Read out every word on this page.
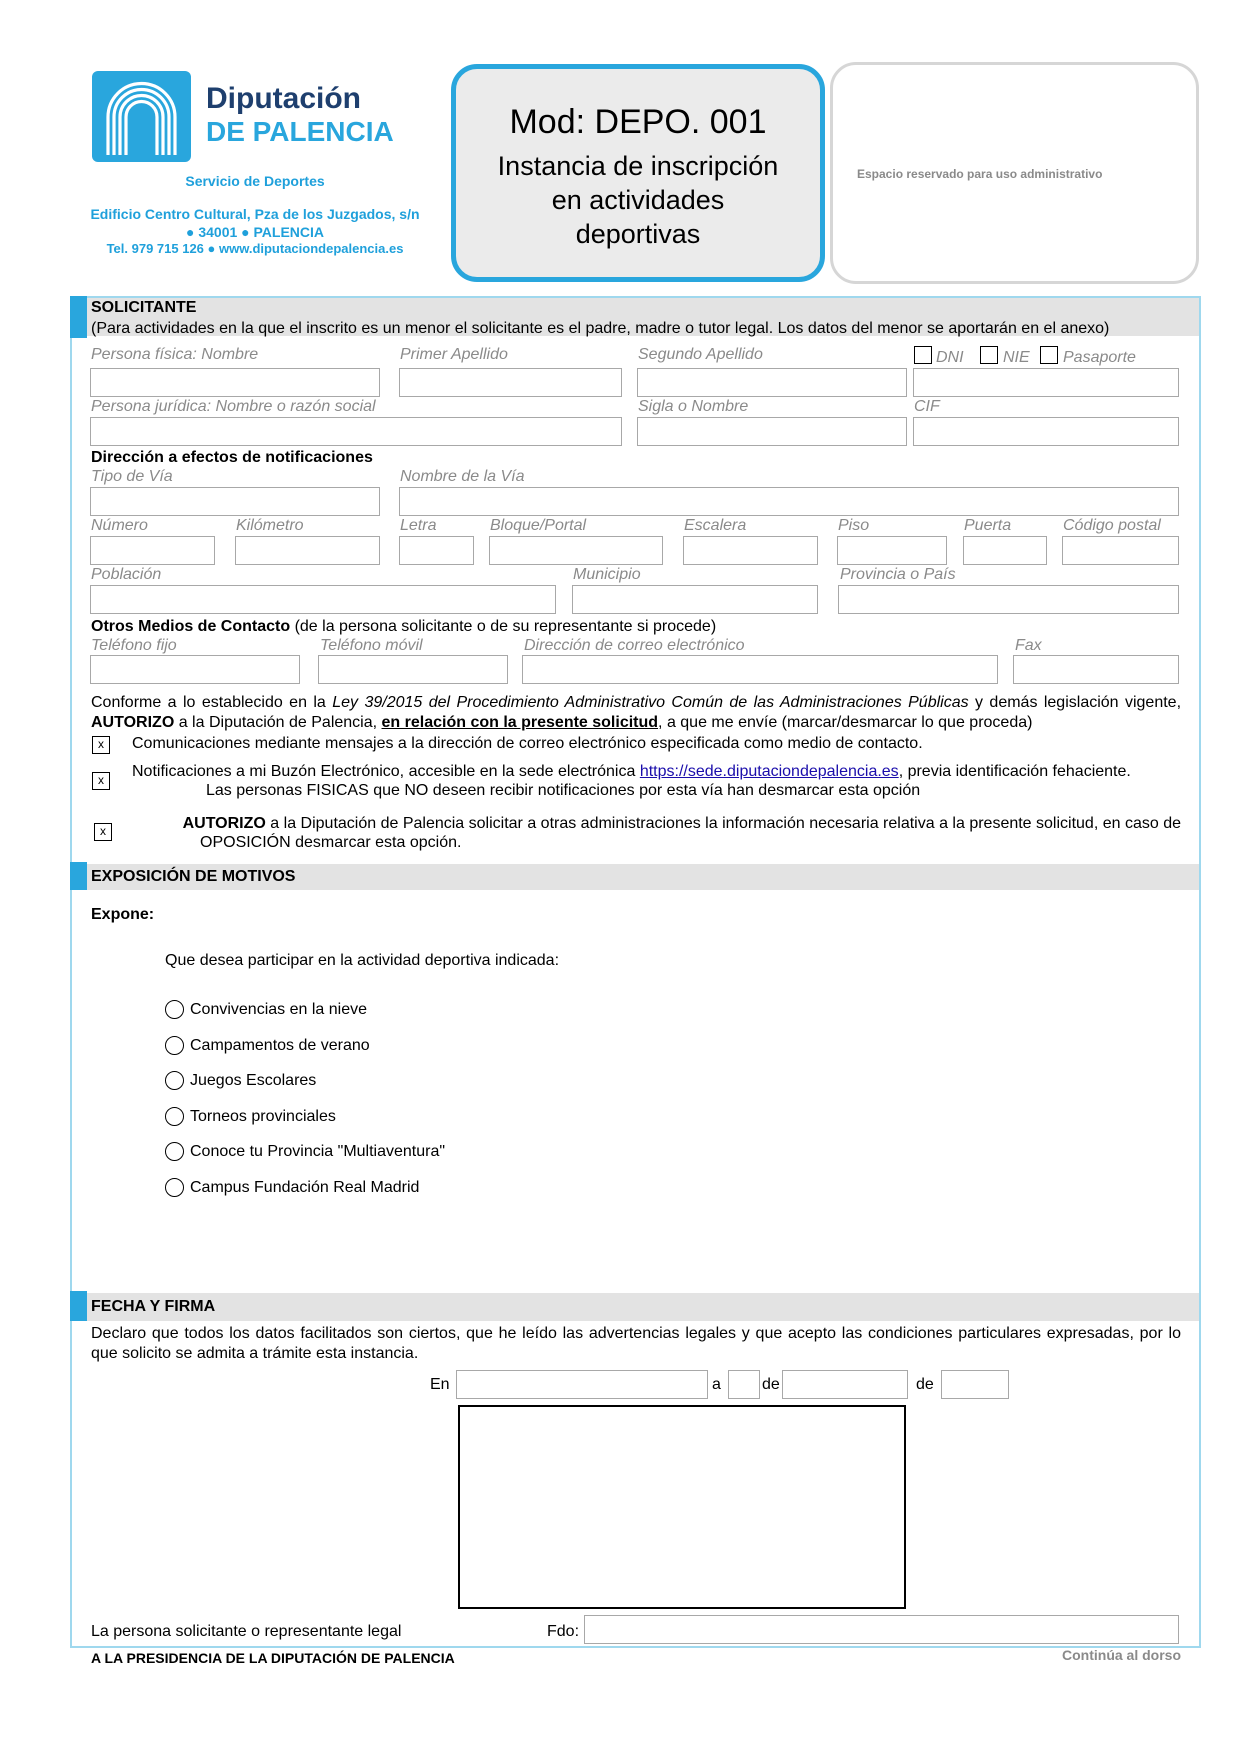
Diputación
DE PALENCIA
Servicio de Deportes
Edificio Centro Cultural, Pza de los Juzgados, s/n
● 34001 ● PALENCIA
Tel. 979 715 126 ● www.diputaciondepalencia.es
Mod: DEPO. 001
Instancia de inscripción
en actividades
deportivas
Espacio reservado para uso administrativo
SOLICITANTE
(Para actividades en la que el inscrito es un menor el solicitante es el padre, madre o tutor legal. Los datos del menor se aportarán en el anexo)
Persona física: Nombre	Primer Apellido	Segundo Apellido	DNI NIE Pasaporte
Persona jurídica: Nombre o razón social	Sigla o Nombre	CIF
Dirección a efectos de notificaciones
Tipo de Vía	Nombre de la Vía
Número	Kilómetro	Letra	Bloque/Portal	Escalera	Piso	Puerta	Código postal
Población	Municipio	Provincia o País
Otros Medios de Contacto (de la persona solicitante o de su representante si procede)
Teléfono fijo	Teléfono móvil	Dirección de correo electrónico	Fax
Conforme a lo establecido en la Ley 39/2015 del Procedimiento Administrativo Común de las Administraciones Públicas y demás legislación vigente, AUTORIZO a la Diputación de Palencia, en relación con la presente solicitud, a que me envíe (marcar/desmarcar lo que proceda)
x	Comunicaciones mediante mensajes a la dirección de correo electrónico especificada como medio de contacto.
x	Notificaciones a mi Buzón Electrónico, accesible en la sede electrónica https://sede.diputaciondepalencia.es, previa identificación fehaciente.
Las personas FISICAS que NO deseen recibir notificaciones por esta vía han desmarcar esta opción
x	AUTORIZO a la Diputación de Palencia solicitar a otras administraciones la información necesaria relativa a la presente solicitud, en caso de
OPOSICIÓN desmarcar esta opción.
EXPOSICIÓN DE MOTIVOS
Expone:
Que desea participar en la actividad deportiva indicada:
Convivencias en la nieve
Campamentos de verano
Juegos Escolares
Torneos provinciales
Conoce tu Provincia "Multiaventura"
Campus Fundación Real Madrid
FECHA Y FIRMA
Declaro que todos los datos facilitados son ciertos, que he leído las advertencias legales y que acepto las condiciones particulares expresadas, por lo que solicito se admita a trámite esta instancia.
En	a	de	de
La persona solicitante o representante legal	Fdo:
A LA PRESIDENCIA DE LA DIPUTACIÓN DE PALENCIA	Continúa al dorso
